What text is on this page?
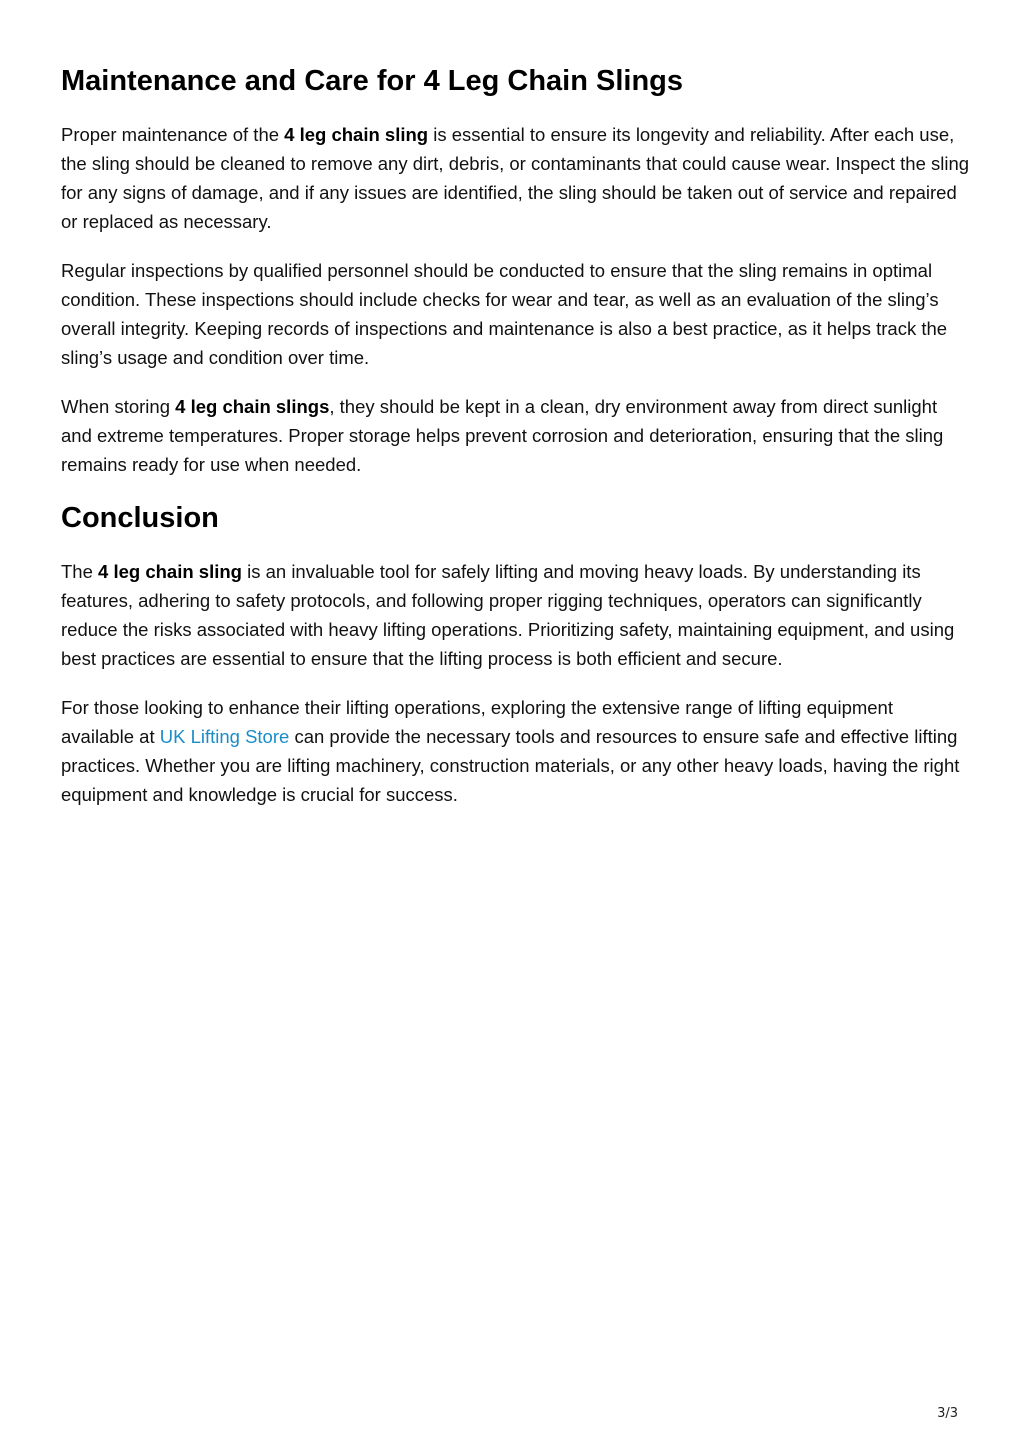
Maintenance and Care for 4 Leg Chain Slings

Proper maintenance of the 4 leg chain sling is essential to ensure its longevity and reliability. After each use, the sling should be cleaned to remove any dirt, debris, or contaminants that could cause wear. Inspect the sling for any signs of damage, and if any issues are identified, the sling should be taken out of service and repaired or replaced as necessary.

Regular inspections by qualified personnel should be conducted to ensure that the sling remains in optimal condition. These inspections should include checks for wear and tear, as well as an evaluation of the sling’s overall integrity. Keeping records of inspections and maintenance is also a best practice, as it helps track the sling’s usage and condition over time.

When storing 4 leg chain slings, they should be kept in a clean, dry environment away from direct sunlight and extreme temperatures. Proper storage helps prevent corrosion and deterioration, ensuring that the sling remains ready for use when needed.

Conclusion

The 4 leg chain sling is an invaluable tool for safely lifting and moving heavy loads. By understanding its features, adhering to safety protocols, and following proper rigging techniques, operators can significantly reduce the risks associated with heavy lifting operations. Prioritizing safety, maintaining equipment, and using best practices are essential to ensure that the lifting process is both efficient and secure.

For those looking to enhance their lifting operations, exploring the extensive range of lifting equipment available at UK Lifting Store can provide the necessary tools and resources to ensure safe and effective lifting practices. Whether you are lifting machinery, construction materials, or any other heavy loads, having the right equipment and knowledge is crucial for success.

3/3
